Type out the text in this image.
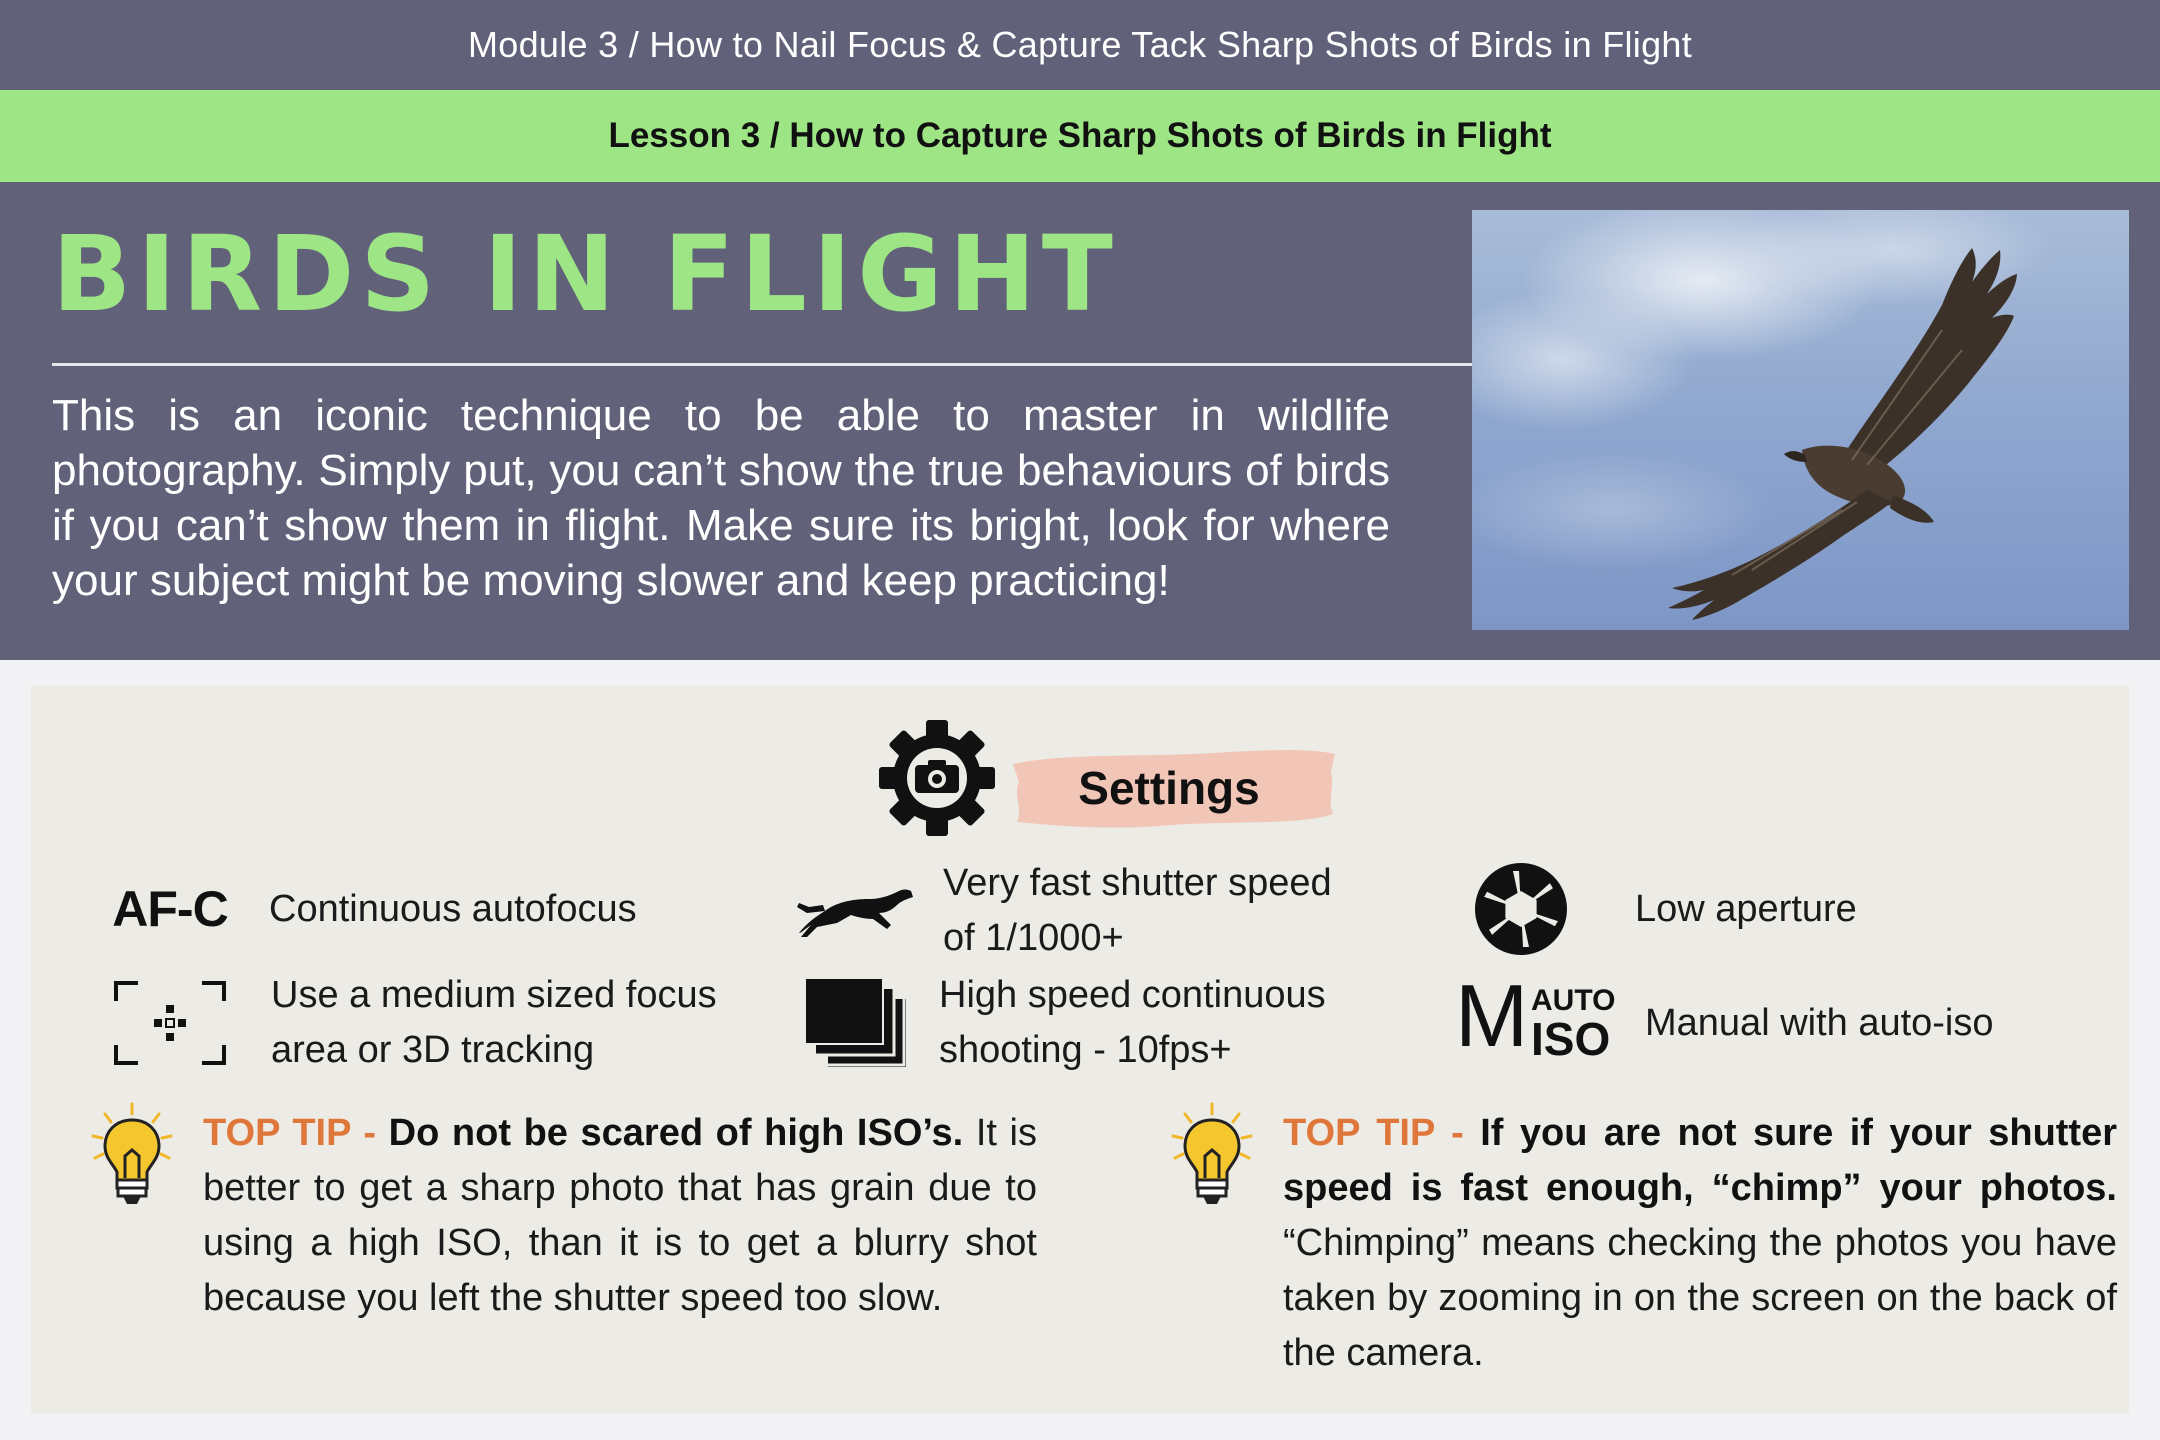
Module 3 / How to Nail Focus & Capture Tack Sharp Shots of Birds in Flight
Lesson 3 / How to Capture Sharp Shots of Birds in Flight
BIRDS IN FLIGHT

This is an iconic technique to be able to master in wildlife photography. Simply put, you can’t show the true behaviours of birds if you can’t show them in flight. Make sure its bright, look for where your subject might be moving slower and keep practicing!

Settings
AF-C Continuous autofocus
Very fast shutter speed of 1/1000+
Low aperture
Use a medium sized focus area or 3D tracking
High speed continuous shooting - 10fps+	M AUTO
ISO Manual with auto-iso
TOP TIP - Do not be scared of high ISO’s. It is better to get a sharp photo that has grain due to using a high ISO, than it is to get a blurry shot because you left the shutter speed too slow.
TOP TIP - If you are not sure if your shutter speed is fast enough, “chimp” your photos. “Chimping” means checking the photos you have taken by zooming in on the screen on the back of the camera.
